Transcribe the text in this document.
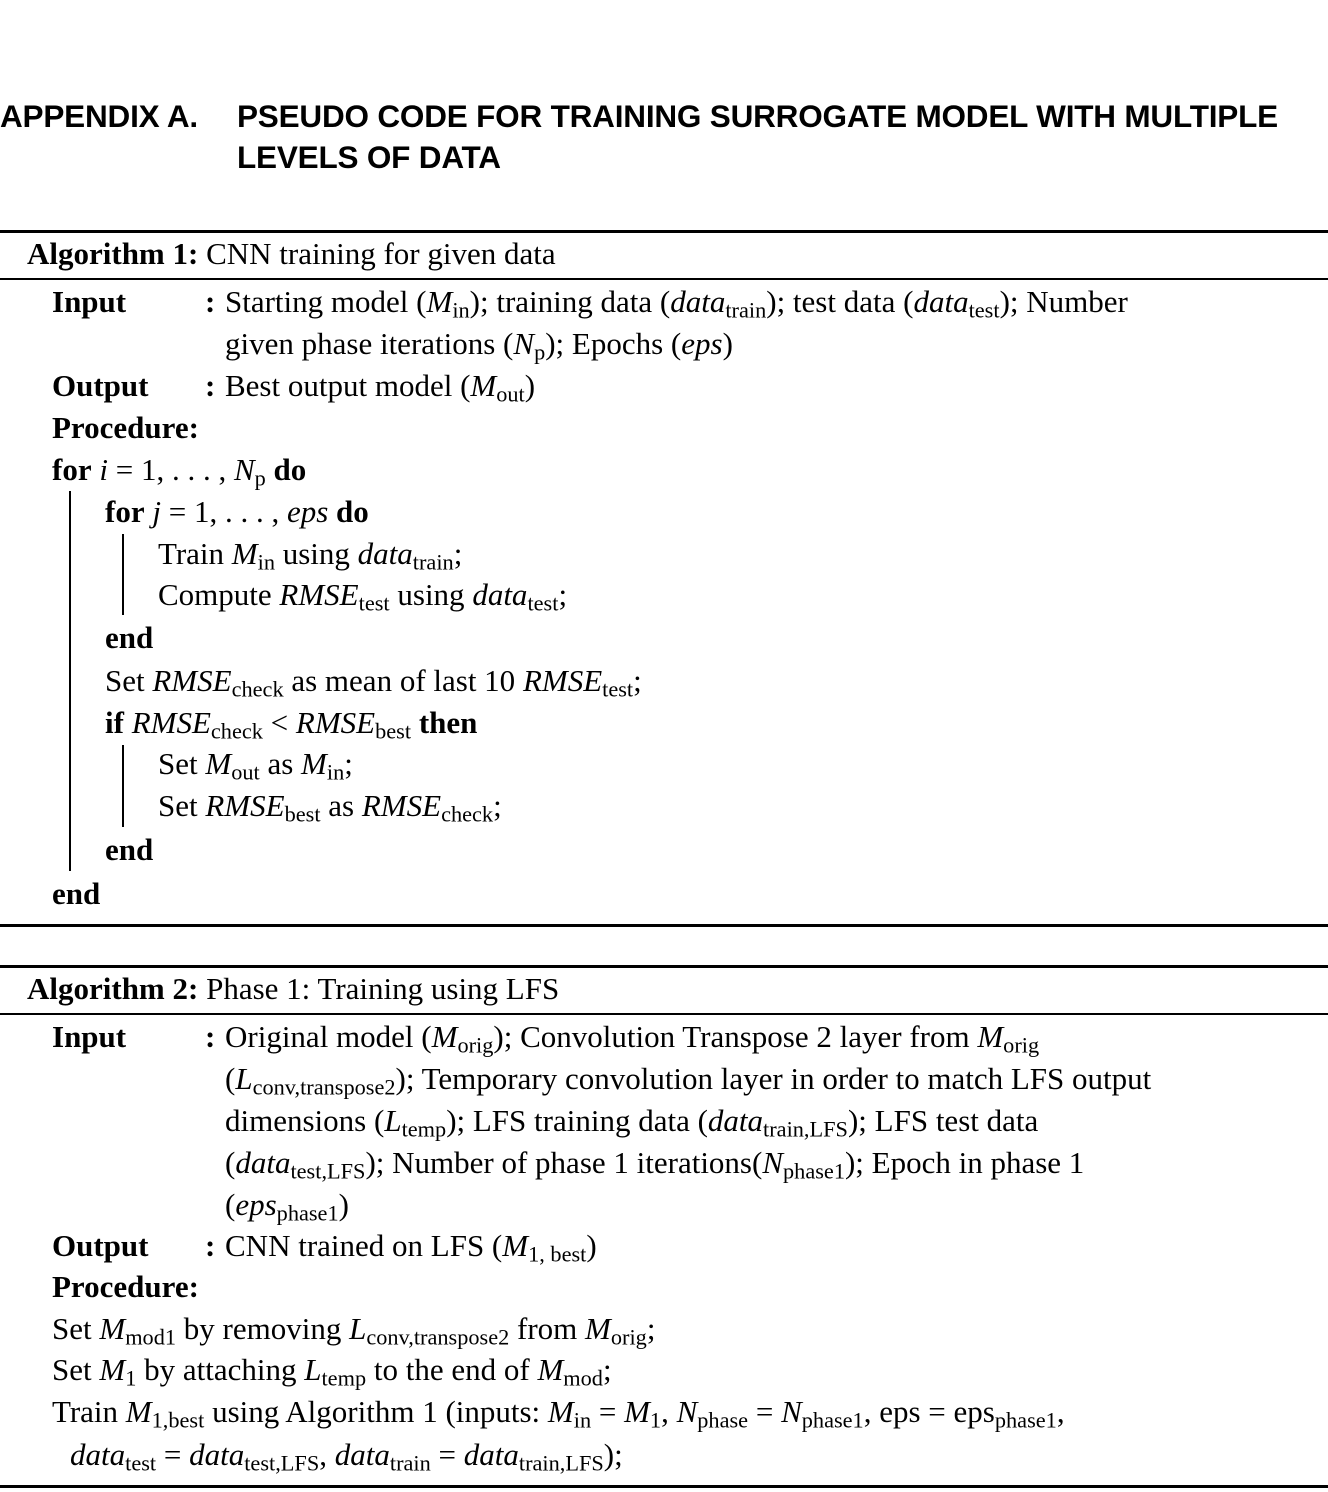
APPENDIX A. PSEUDO CODE FOR TRAINING SURROGATE MODEL WITH MULTIPLE LEVELS OF DATA
Algorithm 1: CNN training for given data
Input	: Starting model $(M_{in})$; training data (data$_{train}$); test data (data$_{test}$); Number
given phase iterations $(N_p)$; Epochs (eps)
Output : Best output model $(M_{out})$
Procedure:
for i = 1, . . . , $N_p$ do
for j = 1, . . . , eps do
Train $M_{in}$ using data$_{train}$;
Compute $RMSE_{test}$ using data$_{test}$;
end
Set $RMSE_{check}$ as mean of last 10 $RMSE_{test}$;
if $RMSE_{check}$ < $RMSE_{best}$ then
Set $M_{out}$ as $M_{in}$;
Set $RMSE_{best}$ as $RMSE_{check}$;
end
end
Algorithm 2: Phase 1: Training using LFS
Input	: Original model $(M_{orig})$; Convolution Transpose 2 layer from $M_{orig}$
$(L_{conv,transpose2})$; Temporary convolution layer in order to match LFS output
dimensions $(L_{temp})$; LFS training data (data$_{train,LFS}$); LFS test data
(data$_{test,LFS}$); Number of phase 1 $iterations(N_{phase1})$; Epoch in phase 1
(eps$_{phase1}$)
Output : CNN trained on LFS $(M_{1, best})$
Procedure:
Set $M_{mod1}$ by removing $L_{conv,transpose2}$ from $M_{orig}$;
Set $M_1$ by attaching $L_{temp}$ to the end of $M_{mod}$;
Train $M_{1,best}$ using Algorithm 1 (inputs: $M_{in} = M_1$, $N_{phase} = N_{phase1}$, eps = eps$_{phase1}$,
data$_{test}$ = data$_{test,LFS}$, data$_{train}$ = data$_{train,LFS}$);
